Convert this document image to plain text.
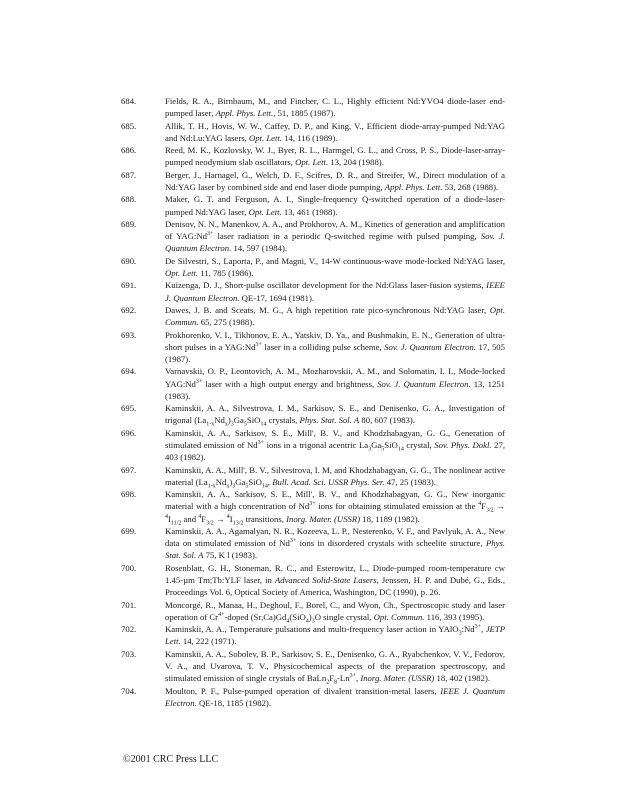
684.	Fields, R. A., Birnbaum, M., and Fincher, C. L., Highly efficient Nd:YVO4 diode-laser end-pumped laser, Appl. Phys. Lett., 51, 1885 (1987).
685.	Allik, T. H., Hovis, W. W., Caffey, D. P., and King, V., Efficient diode-array-pumped Nd:YAG and Nd:Lu:YAG lasers, Opt. Lett. 14, 116 (1989).
686.	Reed, M. K., Kozlovsky, W. J., Byer, R. L., Harmgel, G. L., and Cross, P. S., Diode-laser-array-pumped neodymium slab oscillators, Opt. Lett. 13, 204 (1988).
687.	Berger, J., Harnagel, G., Welch, D. F., Scifres, D. R., and Streifer, W., Direct modulation of a Nd:YAG laser by combined side and end laser diode pumping, Appl. Phys. Lett. 53, 268 (1988).
688.	Maker, G. T. and Ferguson, A. I., Single-frequency Q-switched operation of a diode-laser-pumped Nd:YAG laser, Opt. Lett. 13, 461 (1988).
689.	Denisov, N. N., Manenkov, A. A., and Prokhorov, A. M., Kinetics of generation and amplification of $YAG:Nd^{3+}$ laser radiation in a periodic Q-switched regime with pulsed pumping, Sov. J. Quantum Electron. 14, 597 (1984).
690.	De Silvestri, S., Laporta, P., and Magni, V., 14-W continuous-wave mode-locked Nd:YAG laser, Opt. Lett. 11, 785 (1986).
691.	Kuizenga, D. J., Short-pulse oscillator development for the Nd:Glass laser-fusion systems, IEEE J. Quantum Electron. QE-17, 1694 (1981).
692.	Dawes, J. B. and Sceats, M. G., A high repetition rate pico-synchronous Nd:YAG laser, Opt. Commun. 65, 275 (1988).
693.	Prokhorenko, V. I., Tikhonov, E. A., Yatskiv, D. Ya., and Bushmakin, E. N., Generation of ultra-short pulses in a $YAG:Nd^{3+}$ laser in a colliding pulse scheme, Sov. J. Quantum Electron. 17, 505 (1987).
694.	Varnavskii, O. P., Leontovich, A. M., Mozharovskii, A. M., and Solomatin, I. I., Mode-locked $YAG:Nd^{3+}$ laser with a high output energy and brightness, Sov. J. Quantum Electron. 13, 1251 (1983).
695.	Kaminskii, A. A., Silvestrova, I. M., Sarkisov, S. E., and Denisenko, G. A., Investigation of trigonal $(La_{1-x}Nd_x)_3Ga_5SiO_{14}$ crystals, Phys. Stat. Sol. A 80, 607 (1983).
696.	Kaminskii, A. A., Sarkisov, S. E., Mill', B. V., and Khodzhabagyan, G. G., Generation of stimulated emission of $Nd^{3+}$ ions in a trigonal acentric $La_3Ga_5SiO_{14}$ crystal, Sov. Phys. Dokl. 27, 403 (1982).
697.	Kaminskii, A. A., Mill', B. V., Silvestrova, I. M, and Khodzhabagyan, G. G., The nonlinear active material $(La_{1-x}Nd_x)_3Ga_5SiO_{14}$, Bull. Acad. Sci. USSR Phys. Ser. 47, 25 (1983).
698.	Kaminskii, A. A., Sarkisov, S. E., Mill', B. V., and Khodzhabagyan, G. G., New inorganic material with a high concentration of $Nd^{3+}$ ions for obtaining stimulated emission at the $^4F_{3/2} \to ^4I_{11/2}$ and $^4F_{3/2} \to ^4I_{13/2}$ transitions, Inorg. Mater. (USSR) 18, 1189 (1982).
699.	Kaminskii, A. A., Agamalyan, N. R., Kozeeva, L. P., Nesterenko, V. F., and Pavlyuk, A. A., New data on stimulated emission of $Nd^{3+}$ ions in disordered crystals with scheelite structure, Phys. Stat. Sol. A 75, K l (1983).
700.	Rosenblatt, G. H., Stoneman, R. C., and Esterowitz, L., Diode-pumped room-temperature cw 1.45-µm Tm;Tb:YLF laser, in Advanced Solid-State Lasers, Jenssen, H. P. and Dubé, G., Eds., Proceedings Vol. 6, Optical Society of America, Washington, DC (1990), p. 26.
701.	Moncorgé, R., Manaa, H., Deghoul, F., Borel, C., and Wyon, Ch., Spectroscopic study and laser operation of $Cr^{4+}$-doped $(Sr,Ca)Gd_4(SiO_4)_3O$ single crystal, Opt. Commun. 116, 393 (1995).
702.	Kaminskii, A. A., Temperature pulsations and multi-frequency laser action in $YAlO_3:Nd^{3+}$, JETP Lett. 14, 222 (1971).
703.	Kaminskii, A. A., Sobolev, B. P., Sarkisov, S. E., Denisenko, G. A., Ryabchenkov, V. V., Fedorov, V. A., and Uvarova, T. V., Physicochemical aspects of the preparation spectroscopy, and stimulated emission of single crystals of $BaLn_2F_8-Ln^{3+}$, Inorg. Mater. (USSR) 18, 402 (1982).
704.	Moulton, P. F., Pulse-pumped operation of divalent transition-metal lasers, IEEE J. Quantum Electron. QE-18, 1185 (1982).
©2001 CRC Press LLC
